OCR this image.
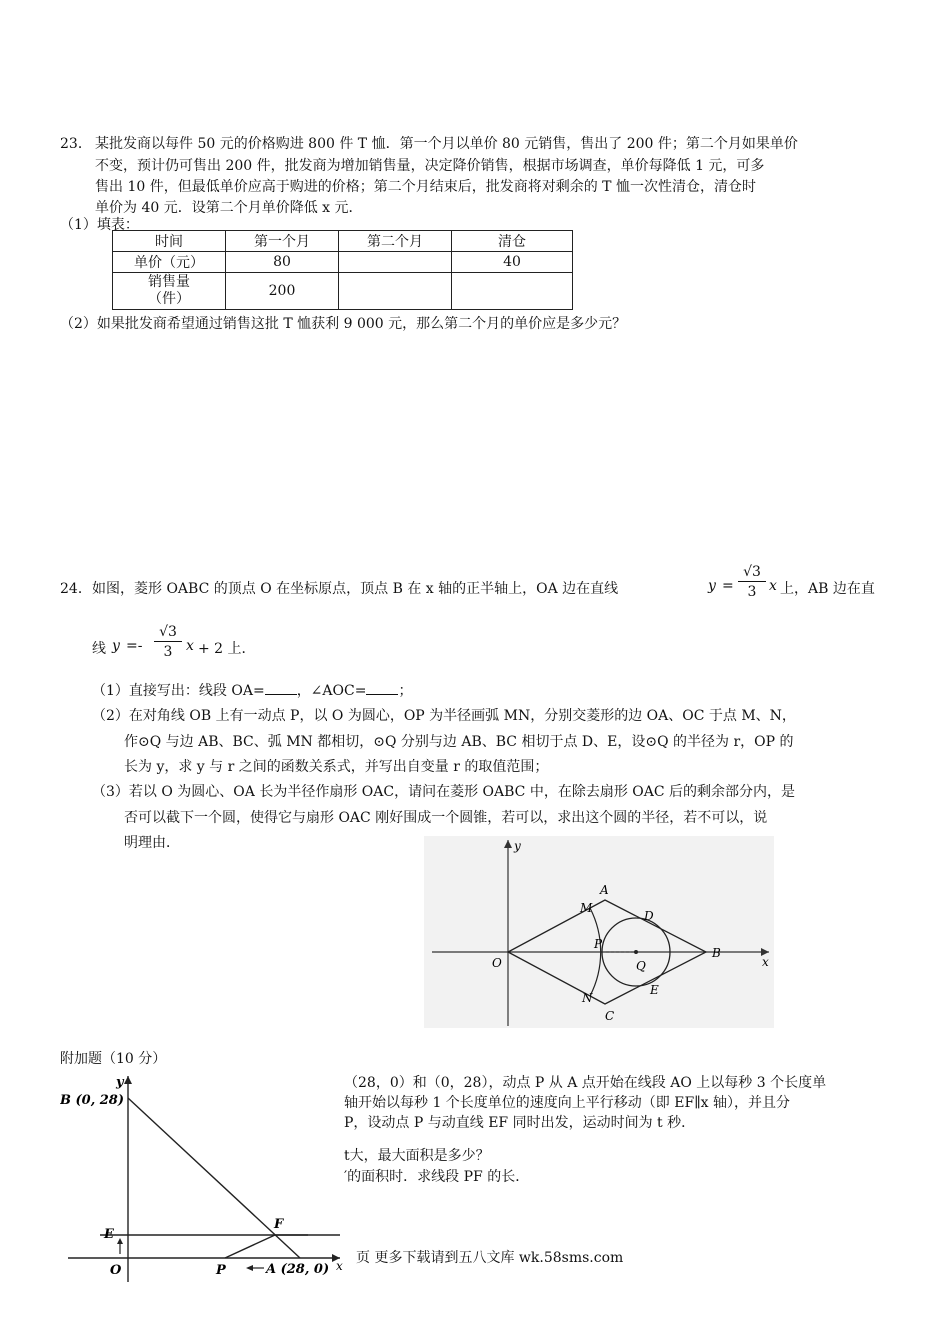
23． 某批发商以每件 50 元的价格购进 800 件 T 恤．第一个月以单价 80 元销售，售出了 200 件；第二个月如果单价
不变，预计仍可售出 200 件，批发商为增加销售量，决定降价销售，根据市场调查，单价每降低 1 元，可多
售出 10 件，但最低单价应高于购进的价格；第二个月结束后，批发商将对剩余的 T 恤一次性清仓，清仓时
单价为 40 元．设第二个月单价降低 x 元．
（1）填表：
时间	第一个月	第二个月	清仓
单价（元）	80		40
销售量（件）	200		
（2）如果批发商希望通过销售这批 T 恤获利 9 000 元，那么第二个月的单价应是多少元？
24． 如图，菱形 OABC 的顶点 O 在坐标原点，顶点 B 在 x 轴的正半轴上，OA 边在直线	$y = \frac{√3}{3}$ x 上，AB 边在直
线 $y =- \frac{√3}{3}$ x + 2 上．
（1）直接写出：线段 OA= ，∠AOC= ；
（2）在对角线 OB 上有一动点 P，以 O 为圆心，OP 为半径画弧 MN，分别交菱形的边 OA、OC 于点 M、N，
作⊙Q 与边 AB、BC、弧 MN 都相切，⊙Q 分别与边 AB、BC 相切于点 D、E，设⊙Q 的半径为 r，OP 的
长为 y，求 y 与 r 之间的函数关系式，并写出自变量 r 的取值范围；
（3）若以 O 为圆心、OA 长为半径作扇形 OAC，请问在菱形 OABC 中，在除去扇形 OAC 后的剩余部分内，是
否可以截下一个圆，使得它与扇形 OAC 刚好围成一个圆锥，若可以，求出这个圆的半径，若不可以，说
明理由．	y
x
O
A
B
C
D
E
M
N
P
Q
附加题（10 分）
y
B (0, 28)
E
F
O	P	A (28, 0) x
（28，0）和（0，28），动点 P 从 A 点开始在线段 AO 上以每秒 3 个长度单
轴开始以每秒 1 个长度单位的速度向上平行移动（即 EF∥x 轴），并且分
P，设动点 P 与动直线 EF 同时出发，运动时间为 t 秒．
t大，最大面积是多少？
′的面积时．求线段 PF 的长．
页 更多下载请到五八文库 wk.58sms.com
